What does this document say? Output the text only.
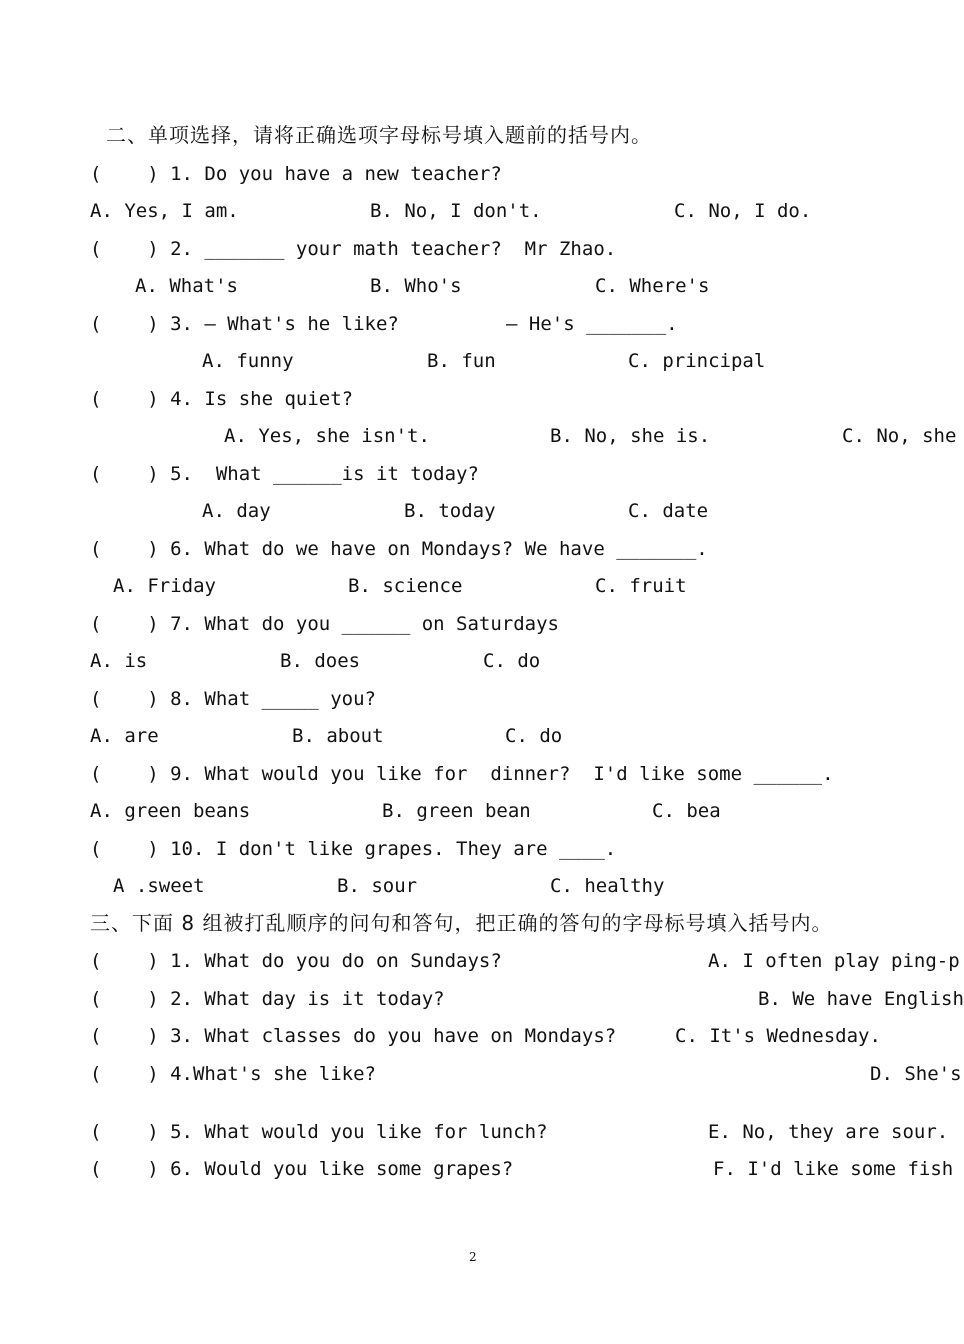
二、单项选择，请将正确选项字母标号填入题前的括号内。
(    ) 1. Do you have a new teacher?
A. Yes, I am.	B. No, I don't.	C. No, I do.
(    ) 2. _______ your math teacher?  Mr Zhao.
A. What's	B. Who's	C. Where's
(    ) 3. — What's he like?	— He's _______.
A. funny	B. fun	C. principal
(    ) 4. Is she quiet?
A. Yes, she isn't.	B. No, she is.	C. No, she
(    ) 5.  What ______is it today?
A. day	B. today	C. date
(    ) 6. What do we have on Mondays? We have _______.
A. Friday	B. science	C. fruit
(    ) 7. What do you ______ on Saturdays
A. is	B. does	C. do
(    ) 8. What _____ you?
A. are	B. about	C. do
(    ) 9. What would you like for  dinner?  I'd like some ______.
A. green beans	B. green bean	C. bea
(    ) 10. I don't like grapes. They are ____.
A .sweet	B. sour	C. healthy
三、下面 8 组被打乱顺序的问句和答句，把正确的答句的字母标号填入括号内。
(    ) 1. What do you do on Sundays?	A. I often play ping-p
(    ) 2. What day is it today?	B. We have English
(    ) 3. What classes do you have on Mondays?	C. It's Wednesday.
(    ) 4.What's she like?	D. She's
(    ) 5. What would you like for lunch?	E. No, they are sour.
(    ) 6. Would you like some grapes?	F. I'd like some fish
2
